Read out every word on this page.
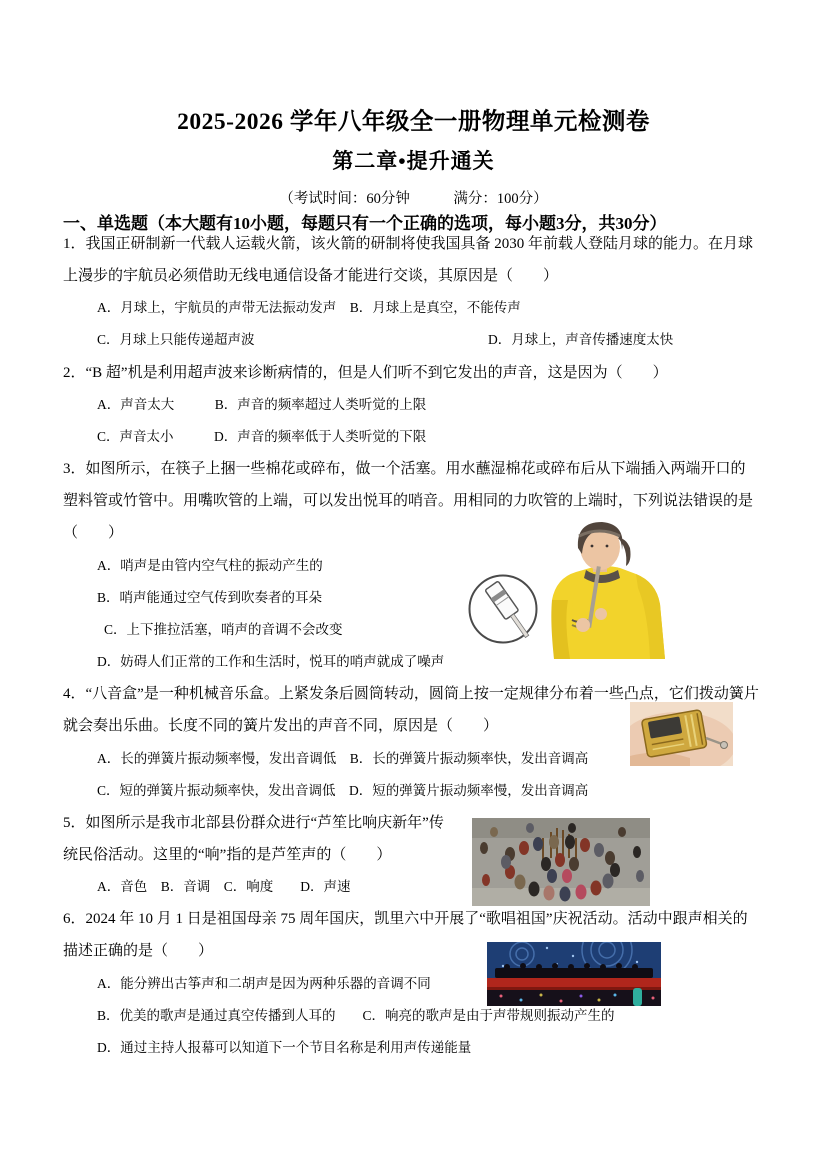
2025-2026 学年八年级全一册物理单元检测卷
第二章•提升通关
（考试时间：60分钟　　　满分：100分）
一、单选题（本大题有10小题，每题只有一个正确的选项，每小题3分，共30分）
1．我国正研制新一代载人运载火箭，该火箭的研制将使我国具备 2030 年前载人登陆月球的能力。在月球
上漫步的宇航员必须借助无线电通信设备才能进行交谈，其原因是（　　）
A．月球上，宇航员的声带无法振动发声　B．月球上是真空，不能传声
C．月球上只能传递超声波	D．月球上，声音传播速度太快
2．“B 超”机是利用超声波来诊断病情的，但是人们听不到它发出的声音，这是因为（　　）
A．声音太大　　　B．声音的频率超过人类听觉的上限
C．声音太小　　　D．声音的频率低于人类听觉的下限
3．如图所示，在筷子上捆一些棉花或碎布，做一个活塞。用水蘸湿棉花或碎布后从下端插入两端开口的
塑料管或竹管中。用嘴吹管的上端，可以发出悦耳的哨音。用相同的力吹管的上端时，下列说法错误的是
（　　）
A．哨声是由管内空气柱的振动产生的
B．哨声能通过空气传到吹奏者的耳朵
C．上下推拉活塞，哨声的音调不会改变
D．妨碍人们正常的工作和生活时，悦耳的哨声就成了噪声
4．“八音盒”是一种机械音乐盒。上紧发条后圆筒转动，圆筒上按一定规律分布着一些凸点，它们拨动簧片
就会奏出乐曲。长度不同的簧片发出的声音不同，原因是（　　）
A．长的弹簧片振动频率慢，发出音调低　B．长的弹簧片振动频率快，发出音调高
C．短的弹簧片振动频率快，发出音调低　D．短的弹簧片振动频率慢，发出音调高
5．如图所示是我市北部县份群众进行“芦笙比响庆新年”传
统民俗活动。这里的“响”指的是芦笙声的（　　）
A．音色　B．音调　C．响度　　D．声速
6．2024 年 10 月 1 日是祖国母亲 75 周年国庆，凯里六中开展了“歌唱祖国”庆祝活动。活动中跟声相关的
描述正确的是（　　）
A．能分辨出古筝声和二胡声是因为两种乐器的音调不同
B．优美的歌声是通过真空传播到人耳的　　C．响亮的歌声是由于声带规则振动产生的
D．通过主持人报幕可以知道下一个节目名称是利用声传递能量
